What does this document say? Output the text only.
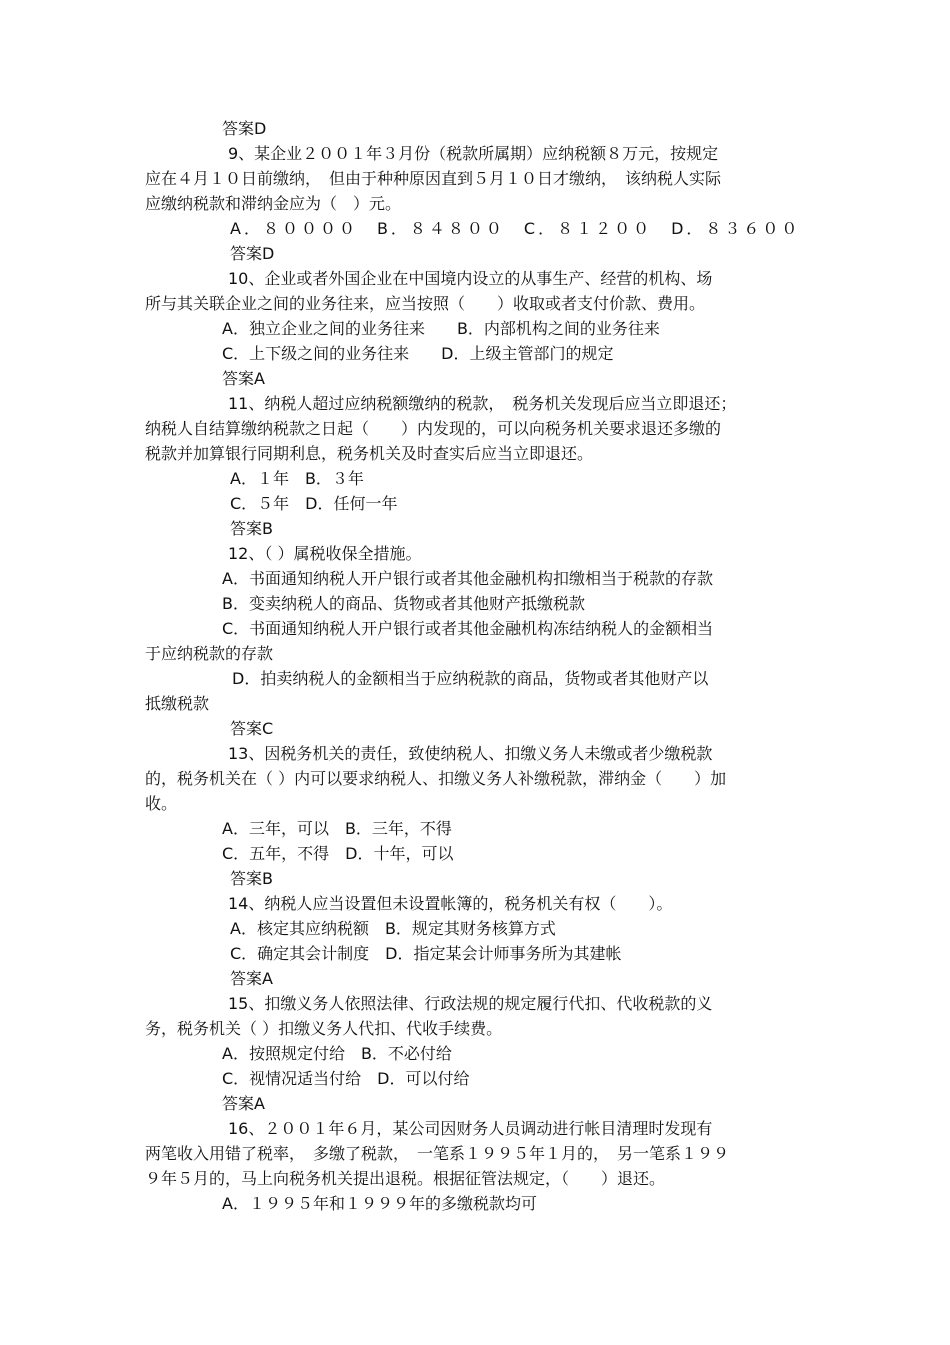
答案D
9、某企业２００１年３月份（税款所属期）应纳税额８万元，按规定
应在４月１０日前缴纳，　但由于种种原因直到５月１０日才缴纳，　该纳税人实际
应缴纳税款和滞纳金应为（　）元。
A．８００００　B．８４８００　C．８１２００　D．８３６００
答案D
10、企业或者外国企业在中国境内设立的从事生产、经营的机构、场
所与其关联企业之间的业务往来，应当按照（　　）收取或者支付价款、费用。
A．独立企业之间的业务往来　　B．内部机构之间的业务往来
C．上下级之间的业务往来　　D．上级主管部门的规定
答案A
11、纳税人超过应纳税额缴纳的税款，　税务机关发现后应当立即退还；
纳税人自结算缴纳税款之日起（　　）内发现的，可以向税务机关要求退还多缴的
税款并加算银行同期利息，税务机关及时查实后应当立即退还。
A．１年　B．３年
C．５年　D．任何一年
答案B
12、（ ）属税收保全措施。
A．书面通知纳税人开户银行或者其他金融机构扣缴相当于税款的存款
B．变卖纳税人的商品、货物或者其他财产抵缴税款
C．书面通知纳税人开户银行或者其他金融机构冻结纳税人的金额相当
于应纳税款的存款
D．拍卖纳税人的金额相当于应纳税款的商品，货物或者其他财产以
抵缴税款
答案C
13、因税务机关的责任，致使纳税人、扣缴义务人未缴或者少缴税款
的，税务机关在（ ）内可以要求纳税人、扣缴义务人补缴税款，滞纳金（　　）加
收。
A．三年，可以　B．三年，不得
C．五年，不得　D．十年，可以
答案B
14、纳税人应当设置但未设置帐簿的，税务机关有权（　　）。
A．核定其应纳税额　B．规定其财务核算方式
C．确定其会计制度　D．指定某会计师事务所为其建帐
答案A
15、扣缴义务人依照法律、行政法规的规定履行代扣、代收税款的义
务，税务机关（ ）扣缴义务人代扣、代收手续费。
A．按照规定付给　B．不必付给
C．视情况适当付给　D．可以付给
答案A
16、２００１年６月，某公司因财务人员调动进行帐目清理时发现有
两笔收入用错了税率，　多缴了税款，　一笔系１９９５年１月的，　另一笔系１９９
９年５月的，马上向税务机关提出退税。根据征管法规定，（　　）退还。
A．１９９５年和１９９９年的多缴税款均可
